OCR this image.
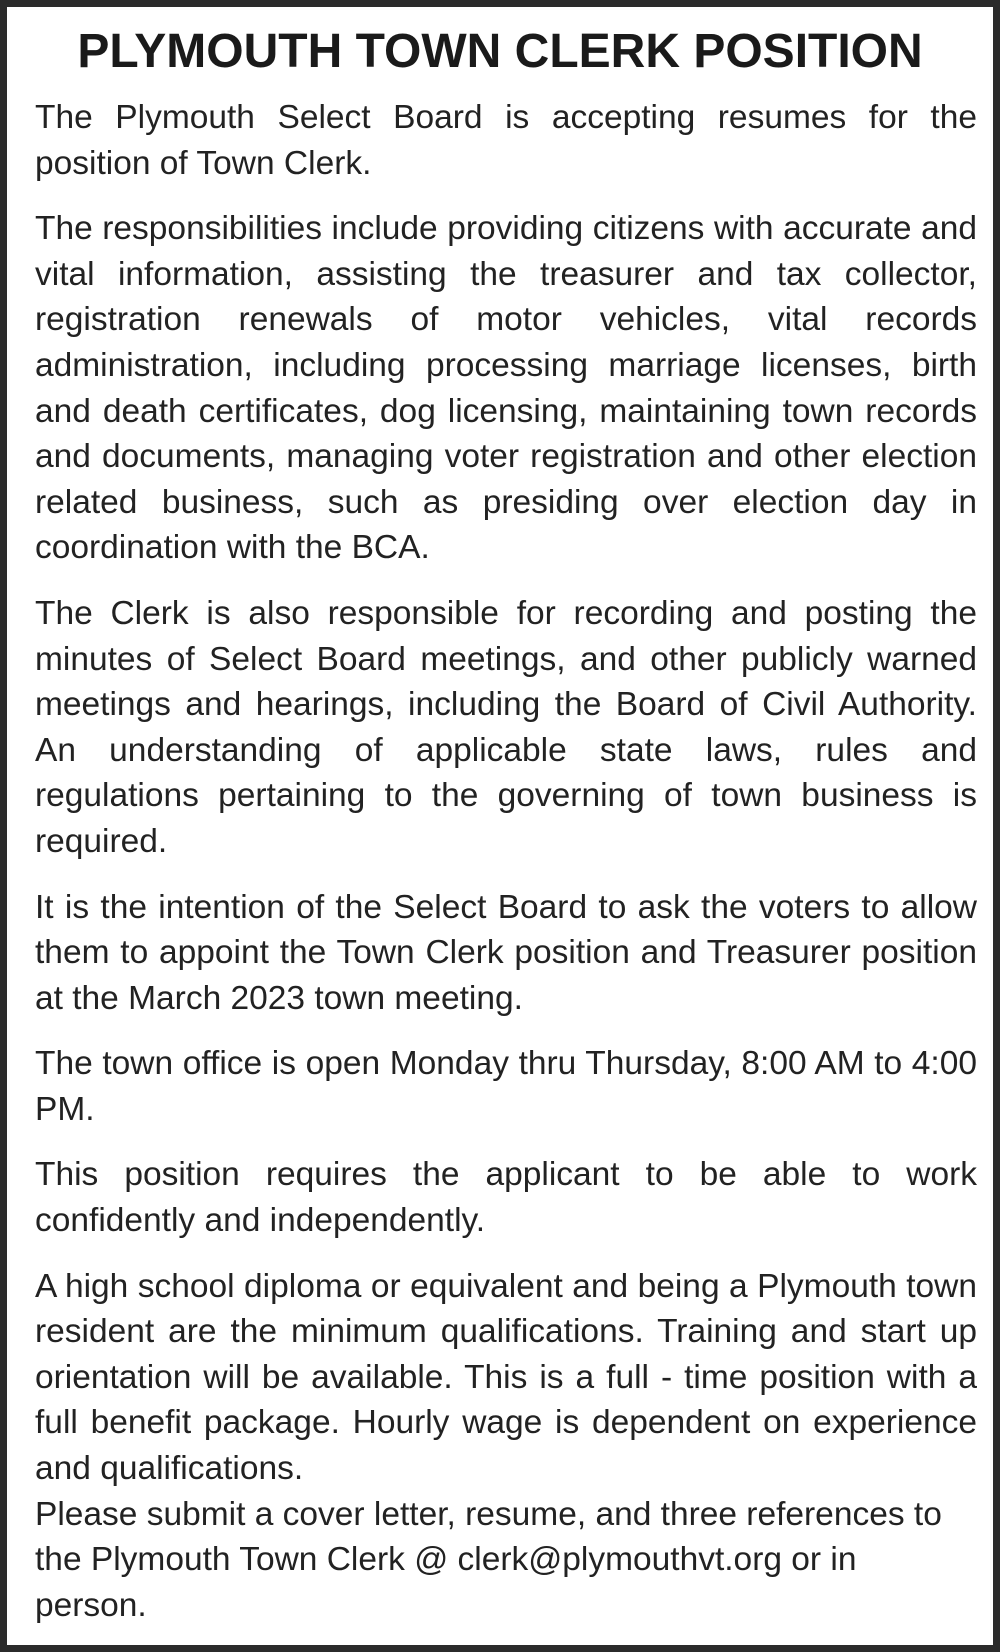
PLYMOUTH TOWN CLERK POSITION

The Plymouth Select Board is accepting resumes for the position of Town Clerk.

The responsibilities include providing citizens with accurate and vital information, assisting the treasurer and tax collector, registration renewals of motor vehicles, vital records administration, including processing marriage licenses, birth and death certificates, dog licensing, maintaining town records and documents, managing voter registration and other election related business, such as presiding over election day in coordination with the BCA.

The Clerk is also responsible for recording and posting the minutes of Select Board meetings, and other publicly warned meetings and hearings, including the Board of Civil Authority. An understanding of applicable state laws, rules and regulations pertaining to the governing of town business is required.

It is the intention of the Select Board to ask the voters to allow them to appoint the Town Clerk position and Treasurer position at the March 2023 town meeting.

The town office is open Monday thru Thursday, 8:00 AM to 4:00 PM.

This position requires the applicant to be able to work confidently and independently.

A high school diploma or equivalent and being a Plymouth town resident are the minimum qualifications. Training and start up orientation will be available. This is a full - time position with a full benefit package. Hourly wage is dependent on experience and qualifications.

Please submit a cover letter, resume, and three references to the Plymouth Town Clerk @ clerk@plymouthvt.org or in person.
